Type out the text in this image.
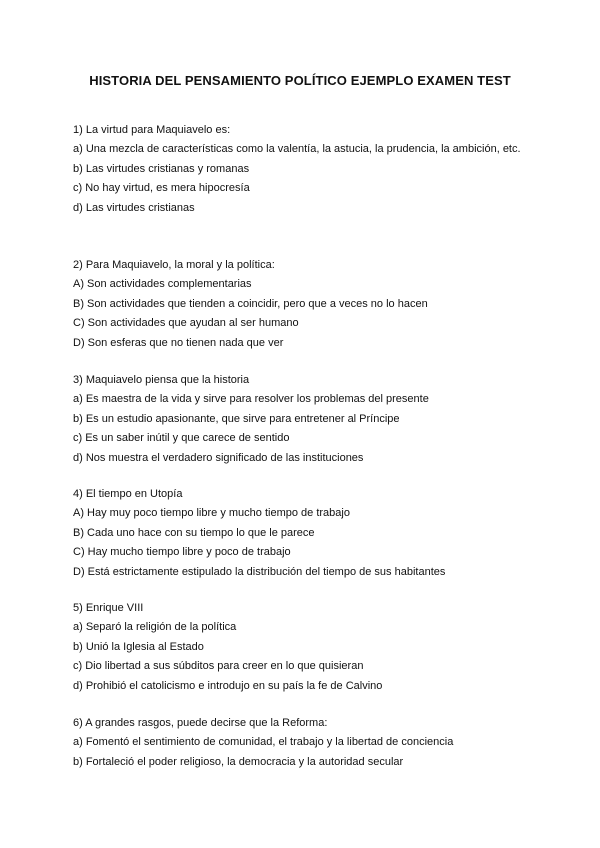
HISTORIA DEL PENSAMIENTO POLÍTICO EJEMPLO EXAMEN TEST
1) La virtud para Maquiavelo es:
a) Una mezcla de características como la valentía, la astucia, la prudencia, la ambición, etc.
b) Las virtudes cristianas y romanas
c) No hay virtud, es mera hipocresía
d) Las virtudes cristianas
2) Para Maquiavelo, la moral y la política:
A) Son actividades complementarias
B) Son actividades que tienden a coincidir, pero que a veces no lo hacen
C) Son actividades que ayudan al ser humano
D) Son esferas que no tienen nada que ver
3) Maquiavelo piensa que la historia
a) Es maestra de la vida y sirve para resolver los problemas del presente
b) Es un estudio apasionante, que sirve para entretener al Príncipe
c) Es un saber inútil y que carece de sentido
d) Nos muestra el verdadero significado de las instituciones
4) El tiempo en Utopía
A) Hay muy poco tiempo libre y mucho tiempo de trabajo
B) Cada uno hace con su tiempo lo que le parece
C) Hay mucho tiempo libre y poco de trabajo
D) Está estrictamente estipulado la distribución del tiempo de sus habitantes
5) Enrique VIII
a) Separó la religión de la política
b) Unió la Iglesia al Estado
c) Dio libertad a sus súbditos para creer en lo que quisieran
d) Prohibió el catolicismo e introdujo en su país la fe de Calvino
6) A grandes rasgos, puede decirse que la Reforma:
a) Fomentó el sentimiento de comunidad, el trabajo y la libertad de conciencia
b) Fortaleció el poder religioso, la democracia y la autoridad secular
